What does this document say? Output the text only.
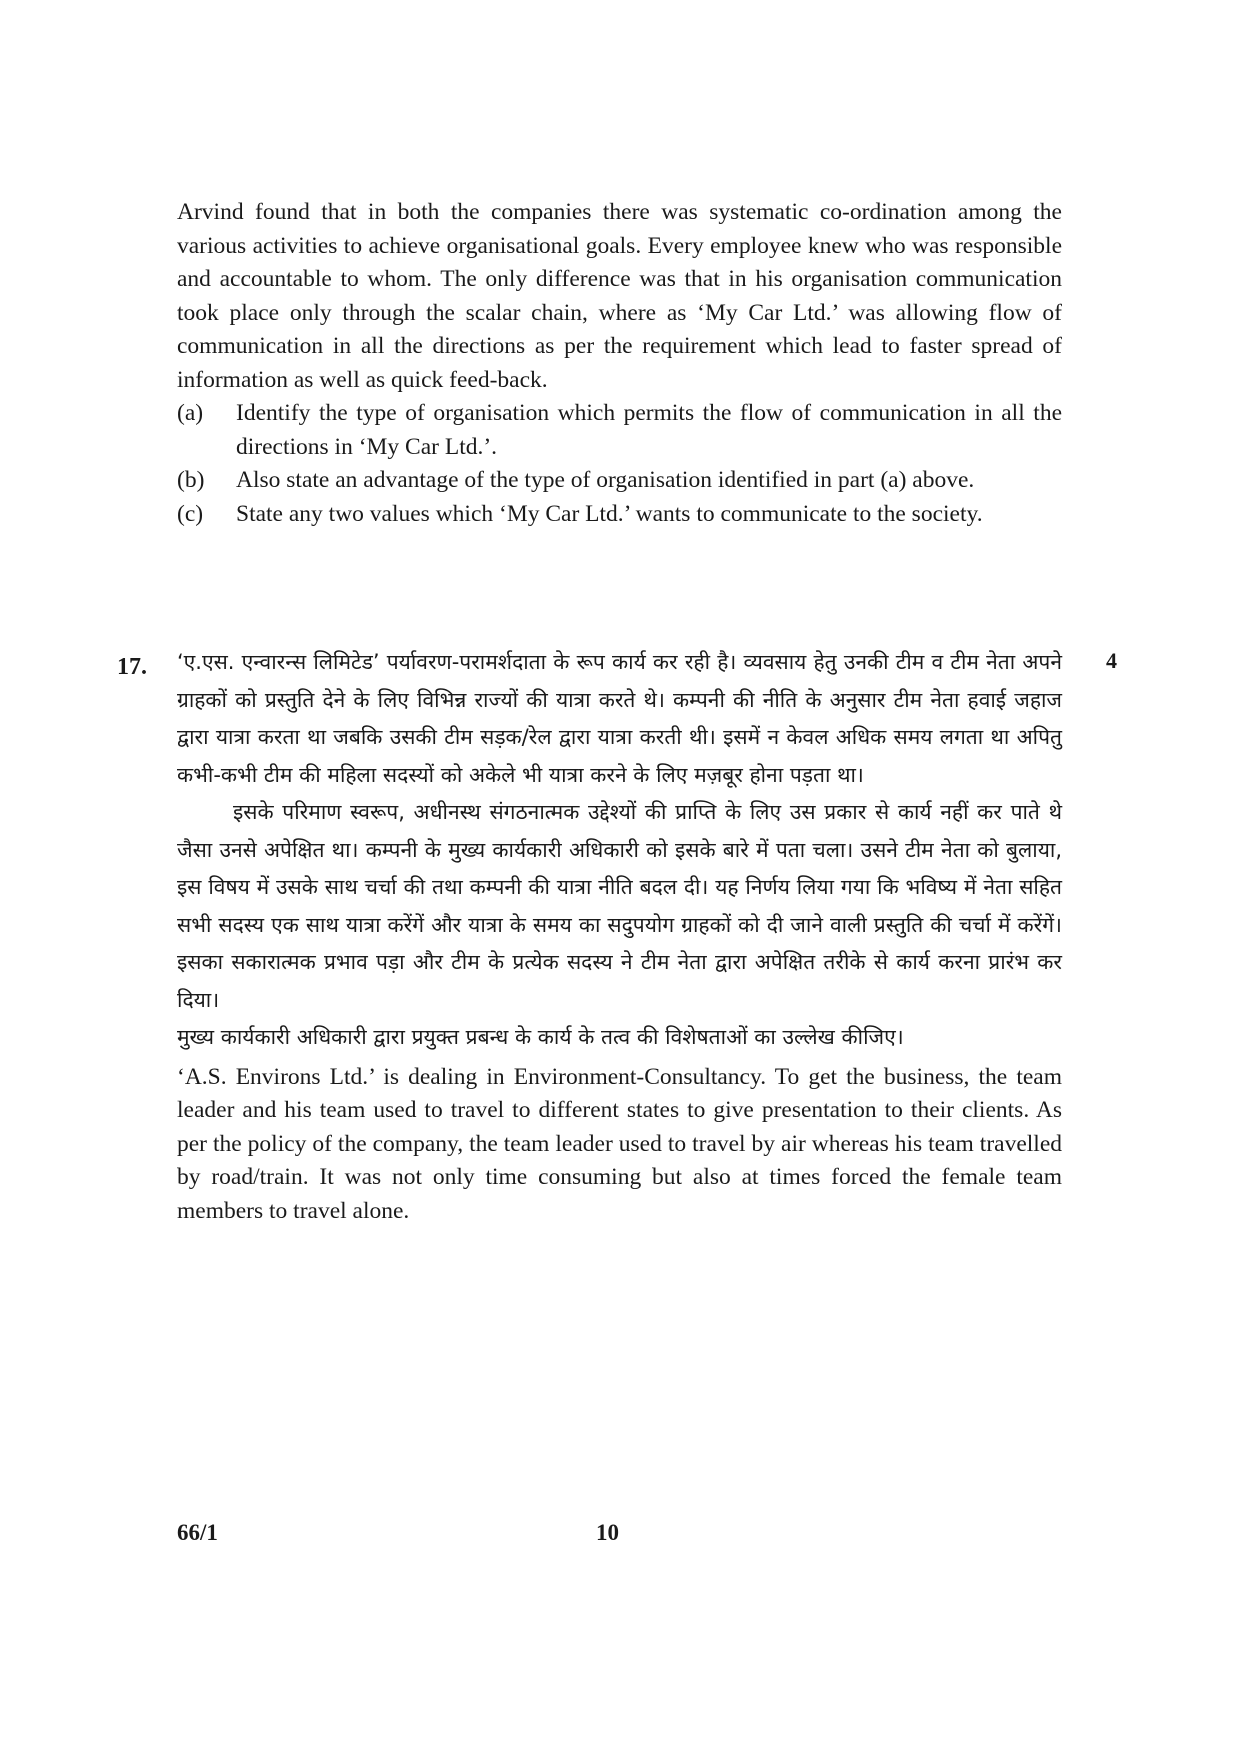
Arvind found that in both the companies there was systematic co-ordination among the various activities to achieve organisational goals. Every employee knew who was responsible and accountable to whom. The only difference was that in his organisation communication took place only through the scalar chain, where as ‘My Car Ltd.’ was allowing flow of communication in all the directions as per the requirement which lead to faster spread of information as well as quick feed-back.

(a) Identify the type of organisation which permits the flow of communication in all the directions in ‘My Car Ltd.’.
(b) Also state an advantage of the type of organisation identified in part (a) above.
(c) State any two values which ‘My Car Ltd.’ wants to communicate to the society.
17.	4

‘ए.एस. एन्वारन्स लिमिटेड’ पर्यावरण-परामर्शदाता के रूप कार्य कर रही है। व्यवसाय हेतु उनकी टीम व टीम नेता अपने ग्राहकों को प्रस्तुति देने के लिए विभिन्न राज्यों की यात्रा करते थे। कम्पनी की नीति के अनुसार टीम नेता हवाई जहाज द्वारा यात्रा करता था जबकि उसकी टीम सड़क/रेल द्वारा यात्रा करती थी। इसमें न केवल अधिक समय लगता था अपितु कभी-कभी टीम की महिला सदस्यों को अकेले भी यात्रा करने के लिए मज़बूर होना पड़ता था।

इसके परिमाण स्वरूप, अधीनस्थ संगठनात्मक उद्देश्यों की प्राप्ति के लिए उस प्रकार से कार्य नहीं कर पाते थे जैसा उनसे अपेक्षित था। कम्पनी के मुख्य कार्यकारी अधिकारी को इसके बारे में पता चला। उसने टीम नेता को बुलाया, इस विषय में उसके साथ चर्चा की तथा कम्पनी की यात्रा नीति बदल दी। यह निर्णय लिया गया कि भविष्य में नेता सहित सभी सदस्य एक साथ यात्रा करेंगें और यात्रा के समय का सदुपयोग ग्राहकों को दी जाने वाली प्रस्तुति की चर्चा में करेंगें। इसका सकारात्मक प्रभाव पड़ा और टीम के प्रत्येक सदस्य ने टीम नेता द्वारा अपेक्षित तरीके से कार्य करना प्रारंभ कर दिया।

मुख्य कार्यकारी अधिकारी द्वारा प्रयुक्त प्रबन्ध के कार्य के तत्व की विशेषताओं का उल्लेख कीजिए।

‘A.S. Environs Ltd.’ is dealing in Environment-Consultancy. To get the business, the team leader and his team used to travel to different states to give presentation to their clients. As per the policy of the company, the team leader used to travel by air whereas his team travelled by road/train. It was not only time consuming but also at times forced the female team members to travel alone.

66/1	10
